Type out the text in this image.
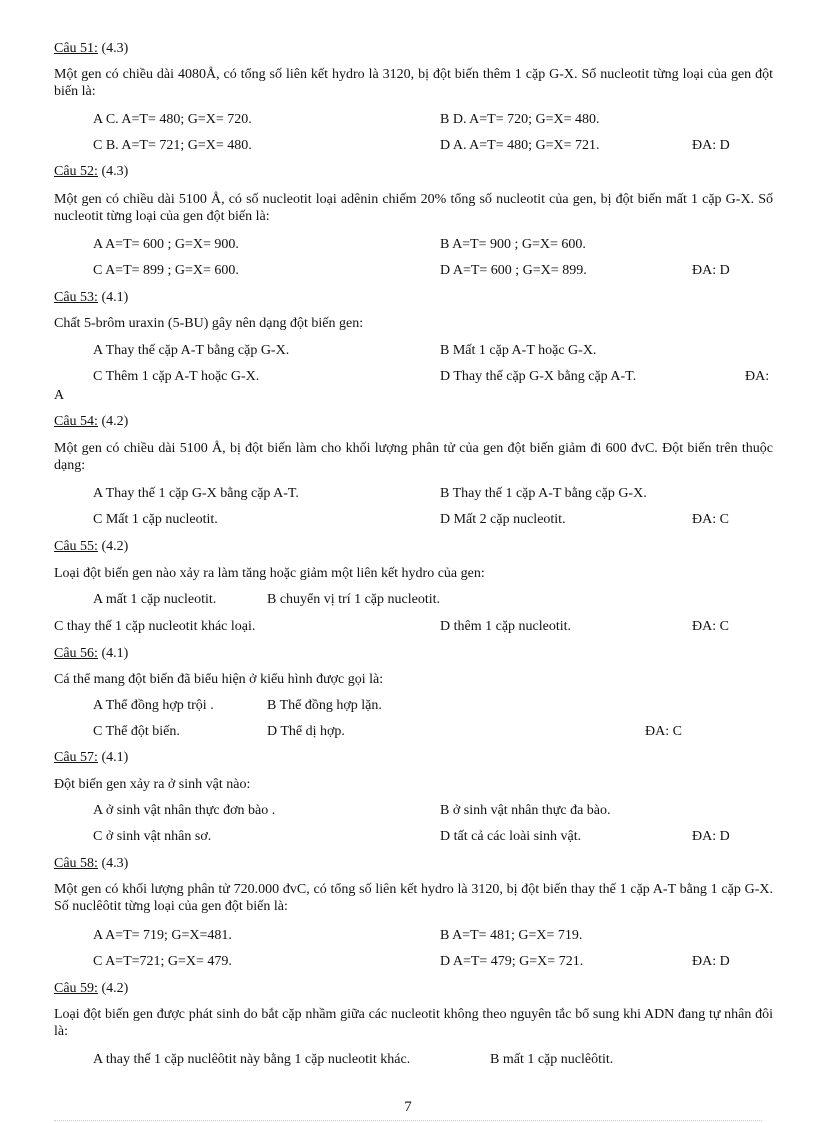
Câu 51: (4.3)
Một gen có chiều dài 4080Å, có tổng số liên kết hydro là 3120, bị đột biến thêm 1 cặp G-X. Số nucleotit từng loại của gen đột biến là:
A C. A=T= 480; G=X= 720.	B D. A=T= 720; G=X= 480.
C B. A=T= 721; G=X= 480.	D A. A=T= 480; G=X= 721.	ĐA: D
Câu 52: (4.3)
Một gen có chiều dài 5100 Å, có số nucleotit loại adênin chiếm 20% tổng số nucleotit của gen, bị đột biến mất 1 cặp G-X. Số nucleotit từng loại của gen đột biến là:
A A=T= 600 ; G=X= 900.	B A=T= 900 ; G=X= 600.
C A=T= 899 ; G=X= 600.	D A=T= 600 ; G=X= 899.	ĐA: D
Câu 53: (4.1)
Chất 5-brôm uraxin (5-BU) gây nên dạng đột biến gen:
A Thay thế cặp A-T bằng cặp G-X.	B Mất 1 cặp A-T hoặc G-X.
C Thêm 1 cặp A-T hoặc G-X.	D Thay thế cặp G-X bằng cặp A-T.	ĐA:
A
Câu 54: (4.2)
Một gen có chiều dài 5100 Å, bị đột biến làm cho khối lượng phân tử của gen đột biến giảm đi 600 đvC. Đột biến trên thuộc dạng:
A Thay thế 1 cặp G-X bằng cặp A-T.	B Thay thế 1 cặp A-T bằng cặp G-X.
C Mất 1 cặp nucleotit.	D Mất 2 cặp nucleotit.	ĐA: C
Câu 55: (4.2)
Loại đột biến gen nào xảy ra làm tăng hoặc giảm một liên kết hydro của gen:
A mất 1 cặp nucleotit.	B chuyển vị trí 1 cặp nucleotit.
C thay thế 1 cặp nucleotit khác loại.	D thêm 1 cặp nucleotit.	ĐA: C
Câu 56: (4.1)
Cá thể mang đột biến đã biểu hiện ở kiểu hình được gọi là:
A Thể đồng hợp trội .	B Thể đồng hợp lặn.
C Thể đột biến.	D Thể dị hợp.	ĐA: C
Câu 57: (4.1)
Đột biến gen xảy ra ở sinh vật nào:
A ở sinh vật nhân thực đơn bào .	B ở sinh vật nhân thực đa bào.
C ở sinh vật nhân sơ.	D tất cả các loài sinh vật.	ĐA: D
Câu 58: (4.3)
Một gen có khối lượng phân tử 720.000 đvC, có tổng số liên kết hydro là 3120, bị đột biến thay thế 1 cặp A-T bằng 1 cặp G-X. Số nuclêôtit từng loại của gen đột biến là:
A A=T= 719; G=X=481.	B A=T= 481; G=X= 719.
C A=T=721; G=X= 479.	D A=T= 479; G=X= 721.	ĐA: D
Câu 59: (4.2)
Loại đột biến gen được phát sinh do bắt cặp nhầm giữa các nucleotit không theo nguyên tắc bổ sung khi ADN đang tự nhân đôi là:
A thay thế 1 cặp nuclêôtit này bằng 1 cặp nucleotit khác.	B mất 1 cặp nuclêôtit.
7
